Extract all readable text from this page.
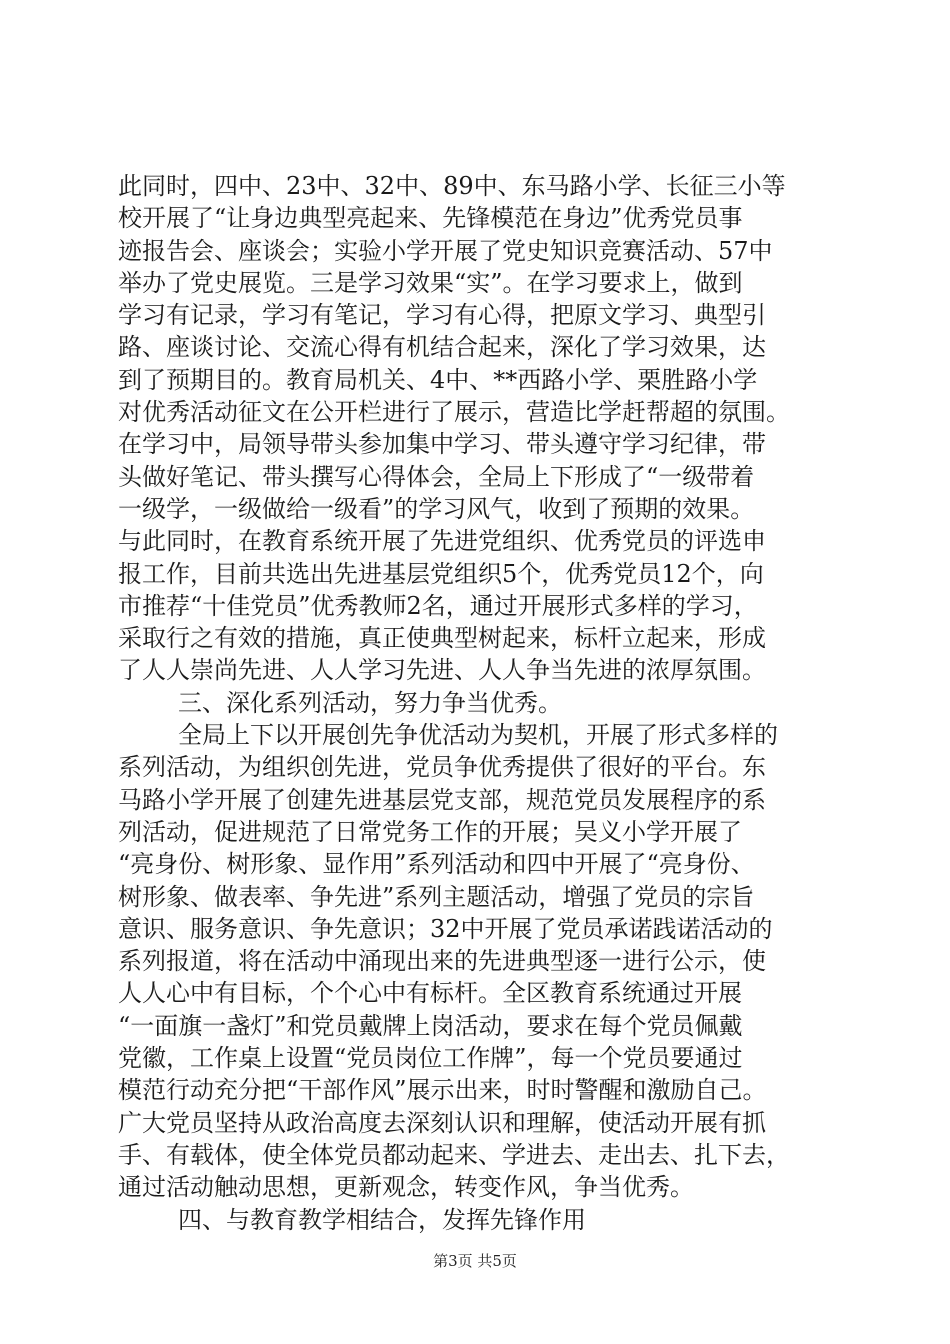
此同时，四中、23中、32中、89中、东马路小学、长征三小等
校开展了“让身边典型亮起来、先锋模范在身边”优秀党员事
迹报告会、座谈会；实验小学开展了党史知识竞赛活动、57中
举办了党史展览。三是学习效果“实”。在学习要求上，做到
学习有记录，学习有笔记，学习有心得，把原文学习、典型引
路、座谈讨论、交流心得有机结合起来，深化了学习效果，达
到了预期目的。教育局机关、4中、**西路小学、栗胜路小学
对优秀活动征文在公开栏进行了展示，营造比学赶帮超的氛围。
在学习中，局领导带头参加集中学习、带头遵守学习纪律，带
头做好笔记、带头撰写心得体会，全局上下形成了“一级带着
一级学，一级做给一级看”的学习风气，收到了预期的效果。
与此同时，在教育系统开展了先进党组织、优秀党员的评选申
报工作，目前共选出先进基层党组织5个，优秀党员12个，向
市推荐“十佳党员”优秀教师2名，通过开展形式多样的学习，
采取行之有效的措施，真正使典型树起来，标杆立起来，形成
了人人崇尚先进、人人学习先进、人人争当先进的浓厚氛围。
三、深化系列活动，努力争当优秀。
全局上下以开展创先争优活动为契机，开展了形式多样的
系列活动，为组织创先进，党员争优秀提供了很好的平台。东
马路小学开展了创建先进基层党支部，规范党员发展程序的系
列活动，促进规范了日常党务工作的开展；吴义小学开展了
“亮身份、树形象、显作用”系列活动和四中开展了“亮身份、
树形象、做表率、争先进”系列主题活动，增强了党员的宗旨
意识、服务意识、争先意识；32中开展了党员承诺践诺活动的
系列报道，将在活动中涌现出来的先进典型逐一进行公示，使
人人心中有目标，个个心中有标杆。全区教育系统通过开展
“一面旗一盏灯”和党员戴牌上岗活动，要求在每个党员佩戴
党徽，工作桌上设置“党员岗位工作牌”，每一个党员要通过
模范行动充分把“干部作风”展示出来，时时警醒和激励自己。
广大党员坚持从政治高度去深刻认识和理解，使活动开展有抓
手、有载体，使全体党员都动起来、学进去、走出去、扎下去，
通过活动触动思想，更新观念，转变作风，争当优秀。
四、与教育教学相结合，发挥先锋作用
第3页 共5页
